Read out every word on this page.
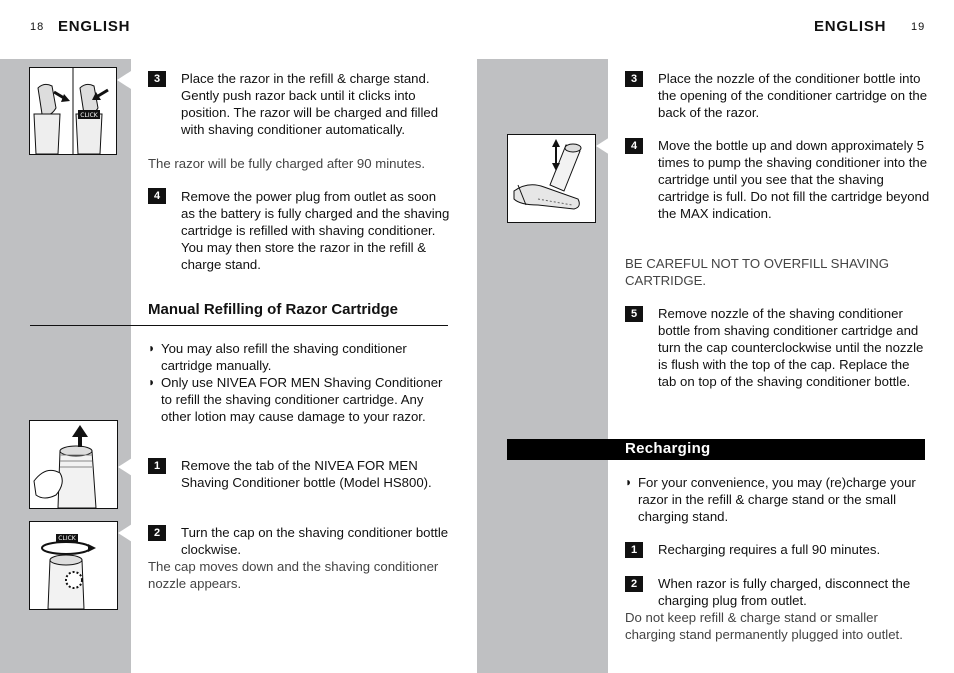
18 ENGLISH
CLICK
3	Place the razor in the refill & charge stand. Gently push razor back until it clicks into position. The razor will be charged and filled with shaving conditioner automatically.
The razor will be fully charged after 90 minutes.
4	Remove the power plug from outlet as soon as the battery is fully charged and the shaving cartridge is refilled with shaving conditioner. You may then store the razor in the refill & charge stand.
Manual Refilling of Razor Cartridge
◗ You may also refill the shaving conditioner cartridge manually.
◗ Only use NIVEA FOR MEN Shaving Conditioner to refill the shaving conditioner cartridge. Any other lotion may cause damage to your razor.
1	Remove the tab of the NIVEA FOR MEN Shaving Conditioner bottle (Model HS800).
CLICK	2	Turn the cap on the shaving conditioner bottle clockwise.
The cap moves down and the shaving conditioner nozzle appears.
ENGLISH 19
3	Place the nozzle of the conditioner bottle into the opening of the conditioner cartridge on the back of the razor.
4	Move the bottle up and down approximately 5 times to pump the shaving conditioner into the cartridge until you see that the shaving cartridge is full. Do not fill the cartridge beyond the MAX indication.
BE CAREFUL NOT TO OVERFILL SHAVING CARTRIDGE.
5	Remove nozzle of the shaving conditioner bottle from shaving conditioner cartridge and turn the cap counterclockwise until the nozzle is flush with the top of the cap. Replace the tab on top of the shaving conditioner bottle.
Recharging
◗ For your convenience, you may (re)charge your razor in the refill & charge stand or the small charging stand.
1	Recharging requires a full 90 minutes.
2	When razor is fully charged, disconnect the charging plug from outlet.
Do not keep refill & charge stand or smaller charging stand permanently plugged into outlet.
